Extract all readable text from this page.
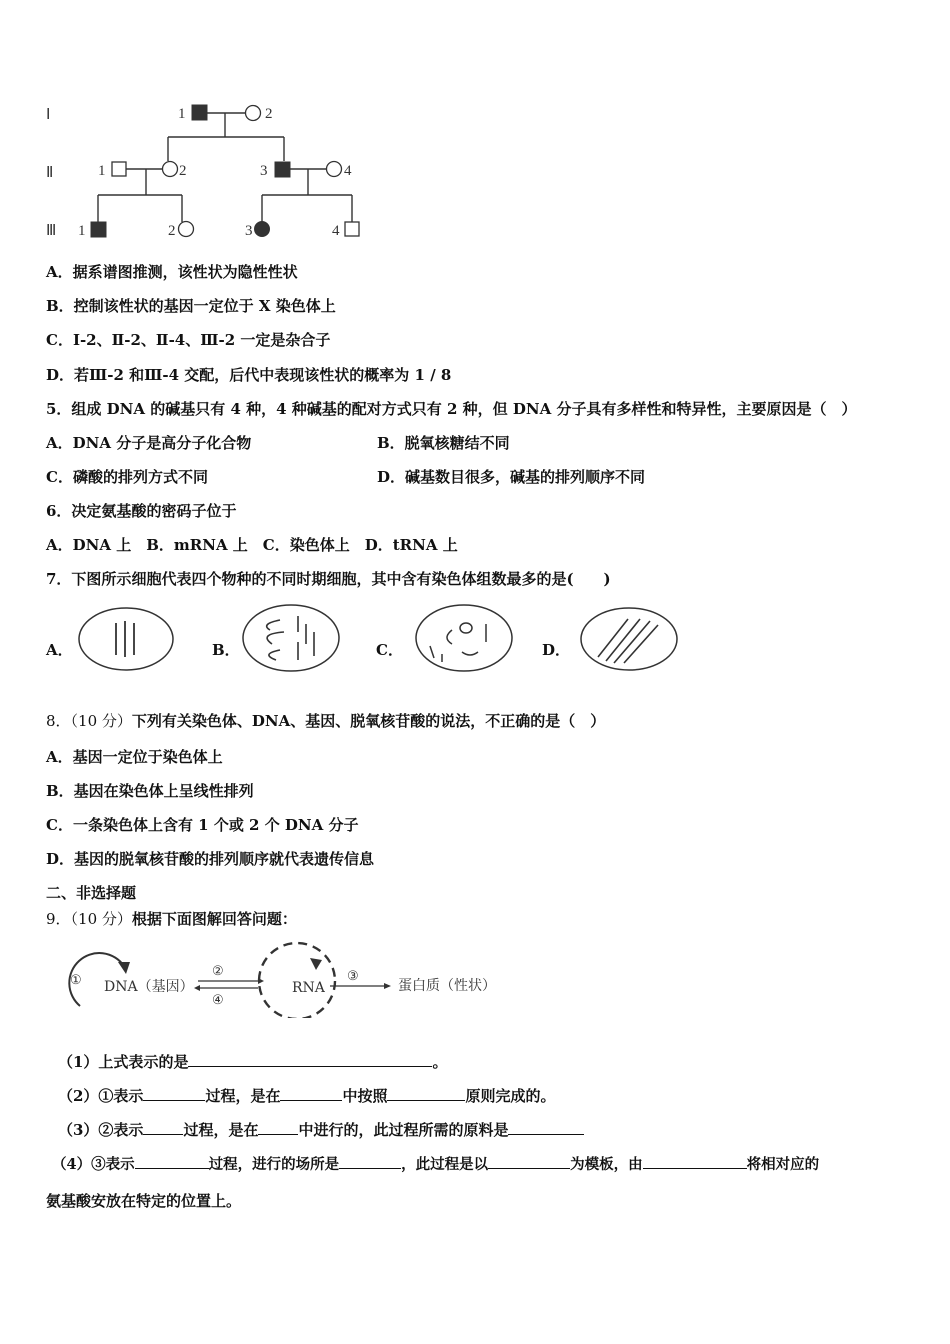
Ⅰ
Ⅱ
Ⅲ
1	2
1	2	3	4
1	2	3	4
A．据系谱图推测，该性状为隐性性状
B．控制该性状的基因一定位于 X 染色体上
C．Ⅰ-2、Ⅱ-2、Ⅱ-4、Ⅲ-2 一定是杂合子
D．若Ⅲ-2 和Ⅲ-4 交配，后代中表现该性状的概率为 1 / 8
5．组成 DNA 的碱基只有 4 种，4 种碱基的配对方式只有 2 种，但 DNA 分子具有多样性和特异性，主要原因是（　）
A．DNA 分子是高分子化合物	B．脱氧核糖结不同
C．磷酸的排列方式不同	D．碱基数目很多，碱基的排列顺序不同
6．决定氨基酸的密码子位于
A．DNA 上　B．mRNA 上　C．染色体上　D．tRNA 上
7．下图所示细胞代表四个物种的不同时期细胞，其中含有染色体组数最多的是(　　)
A．	B．	C．	D．
8．（10 分）下列有关染色体、DNA、基因、脱氧核苷酸的说法，不正确的是（　）
A．基因一定位于染色体上
B．基因在染色体上呈线性排列
C．一条染色体上含有 1 个或 2 个 DNA 分子
D．基因的脱氧核苷酸的排列顺序就代表遗传信息
二、非选择题
9．（10 分）根据下面图解回答问题：
① DNA（基因）
②
④
RNA
③
蛋白质（性状）
（1）上式表示的是	。
（2）①表示	过程，是在	中按照	原则完成的。
（3）②表示	过程，是在	中进行的，此过程所需的原料是
（4）③表示	过程，进行的场所是	，此过程是以	为模板，由	将相对应的
氨基酸安放在特定的位置上。
